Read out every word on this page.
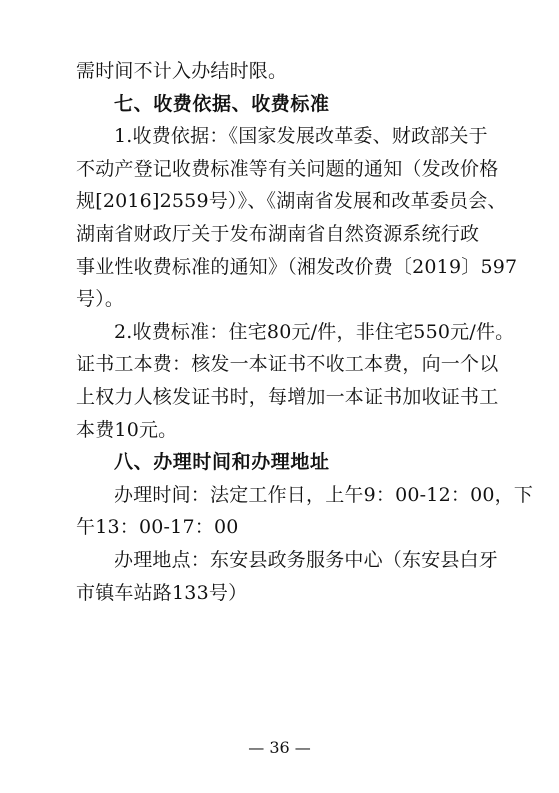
需时间不计入办结时限。
七、收费依据、收费标准
1.收费依据：《国家发展改革委、财政部关于
不动产登记收费标准等有关问题的通知（发改价格
规[2016]2559号）》、《湖南省发展和改革委员会、
湖南省财政厅关于发布湖南省自然资源系统行政
事业性收费标准的通知》（湘发改价费〔2019〕597
号）。
2.收费标准：住宅80元/件，非住宅550元/件。
证书工本费：核发一本证书不收工本费，向一个以
上权力人核发证书时，每增加一本证书加收证书工
本费10元。
八、办理时间和办理地址
办理时间：法定工作日，上午9：00-12：00，下
午13：00-17：00
办理地点：东安县政务服务中心（东安县白牙
市镇车站路133号）
— 36 —
